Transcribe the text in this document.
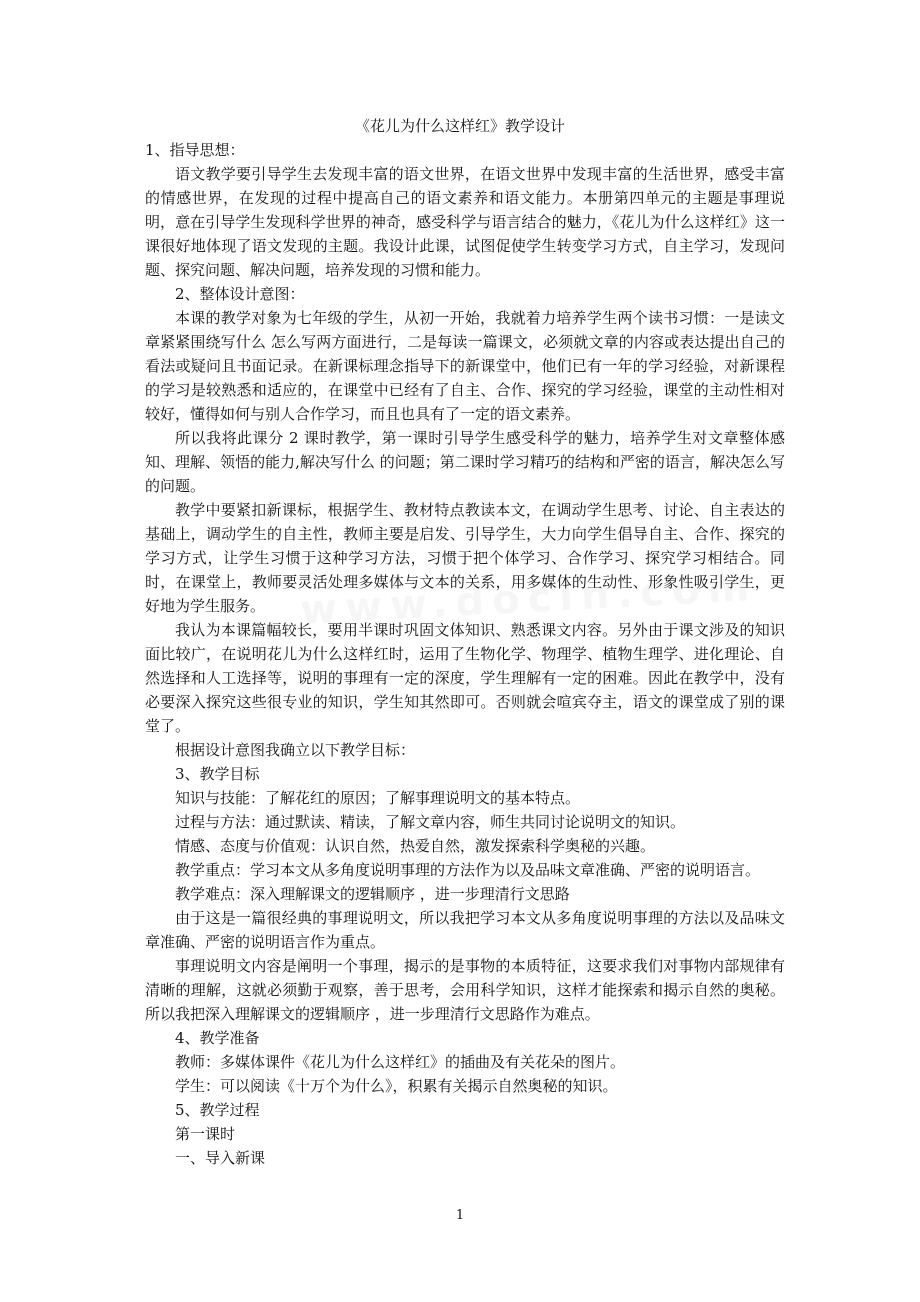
《花儿为什么这样红》教学设计

1、指导思想：

语文教学要引导学生去发现丰富的语文世界，在语文世界中发现丰富的生活世界，感受丰富的情感世界，在发现的过程中提高自己的语文素养和语文能力。本册第四单元的主题是事理说明，意在引导学生发现科学世界的神奇，感受科学与语言结合的魅力，《花儿为什么这样红》这一课很好地体现了语文发现的主题。我设计此课，试图促使学生转变学习方式，自主学习，发现问题、探究问题、解决问题，培养发现的习惯和能力。

2、整体设计意图：

本课的教学对象为七年级的学生，从初一开始，我就着力培养学生两个读书习惯：一是读文章紧紧围绕写什么 怎么写两方面进行，二是每读一篇课文，必须就文章的内容或表达提出自己的看法或疑问且书面记录。在新课标理念指导下的新课堂中，他们已有一年的学习经验，对新课程的学习是较熟悉和适应的，在课堂中已经有了自主、合作、探究的学习经验，课堂的主动性相对较好，懂得如何与别人合作学习，而且也具有了一定的语文素养。

所以我将此课分 2 课时教学，第一课时引导学生感受科学的魅力，培养学生对文章整体感知、理解、领悟的能力,解决写什么 的问题；第二课时学习精巧的结构和严密的语言，解决怎么写 的问题。

教学中要紧扣新课标，根据学生、教材特点教读本文，在调动学生思考、讨论、自主表达的基础上，调动学生的自主性，教师主要是启发、引导学生，大力向学生倡导自主、合作、探究的学习方式，让学生习惯于这种学习方法，习惯于把个体学习、合作学习、探究学习相结合。同时，在课堂上，教师要灵活处理多媒体与文本的关系，用多媒体的生动性、形象性吸引学生，更好地为学生服务。

我认为本课篇幅较长，要用半课时巩固文体知识、熟悉课文内容。另外由于课文涉及的知识面比较广，在说明花儿为什么这样红时，运用了生物化学、物理学、植物生理学、进化理论、自然选择和人工选择等，说明的事理有一定的深度，学生理解有一定的困难。因此在教学中，没有必要深入探究这些很专业的知识，学生知其然即可。否则就会喧宾夺主，语文的课堂成了别的课堂了。

根据设计意图我确立以下教学目标：

3、教学目标

知识与技能：了解花红的原因；了解事理说明文的基本特点。

过程与方法：通过默读、精读，了解文章内容，师生共同讨论说明文的知识。

情感、态度与价值观：认识自然，热爱自然，激发探索科学奥秘的兴趣。

教学重点：学习本文从多角度说明事理的方法作为以及品味文章准确、严密的说明语言。

教学难点：深入理解课文的逻辑顺序 ，进一步理清行文思路

由于这是一篇很经典的事理说明文，所以我把学习本文从多角度说明事理的方法以及品味文章准确、严密的说明语言作为重点。

事理说明文内容是阐明一个事理，揭示的是事物的本质特征，这要求我们对事物内部规律有清晰的理解，这就必须勤于观察，善于思考，会用科学知识，这样才能探索和揭示自然的奥秘。所以我把深入理解课文的逻辑顺序 ，进一步理清行文思路作为难点。

4、教学准备

教师：多媒体课件《花儿为什么这样红》的插曲及有关花朵的图片。

学生：可以阅读《十万个为什么》，积累有关揭示自然奥秘的知识。

5、教学过程

第一课时

一、导入新课

1
